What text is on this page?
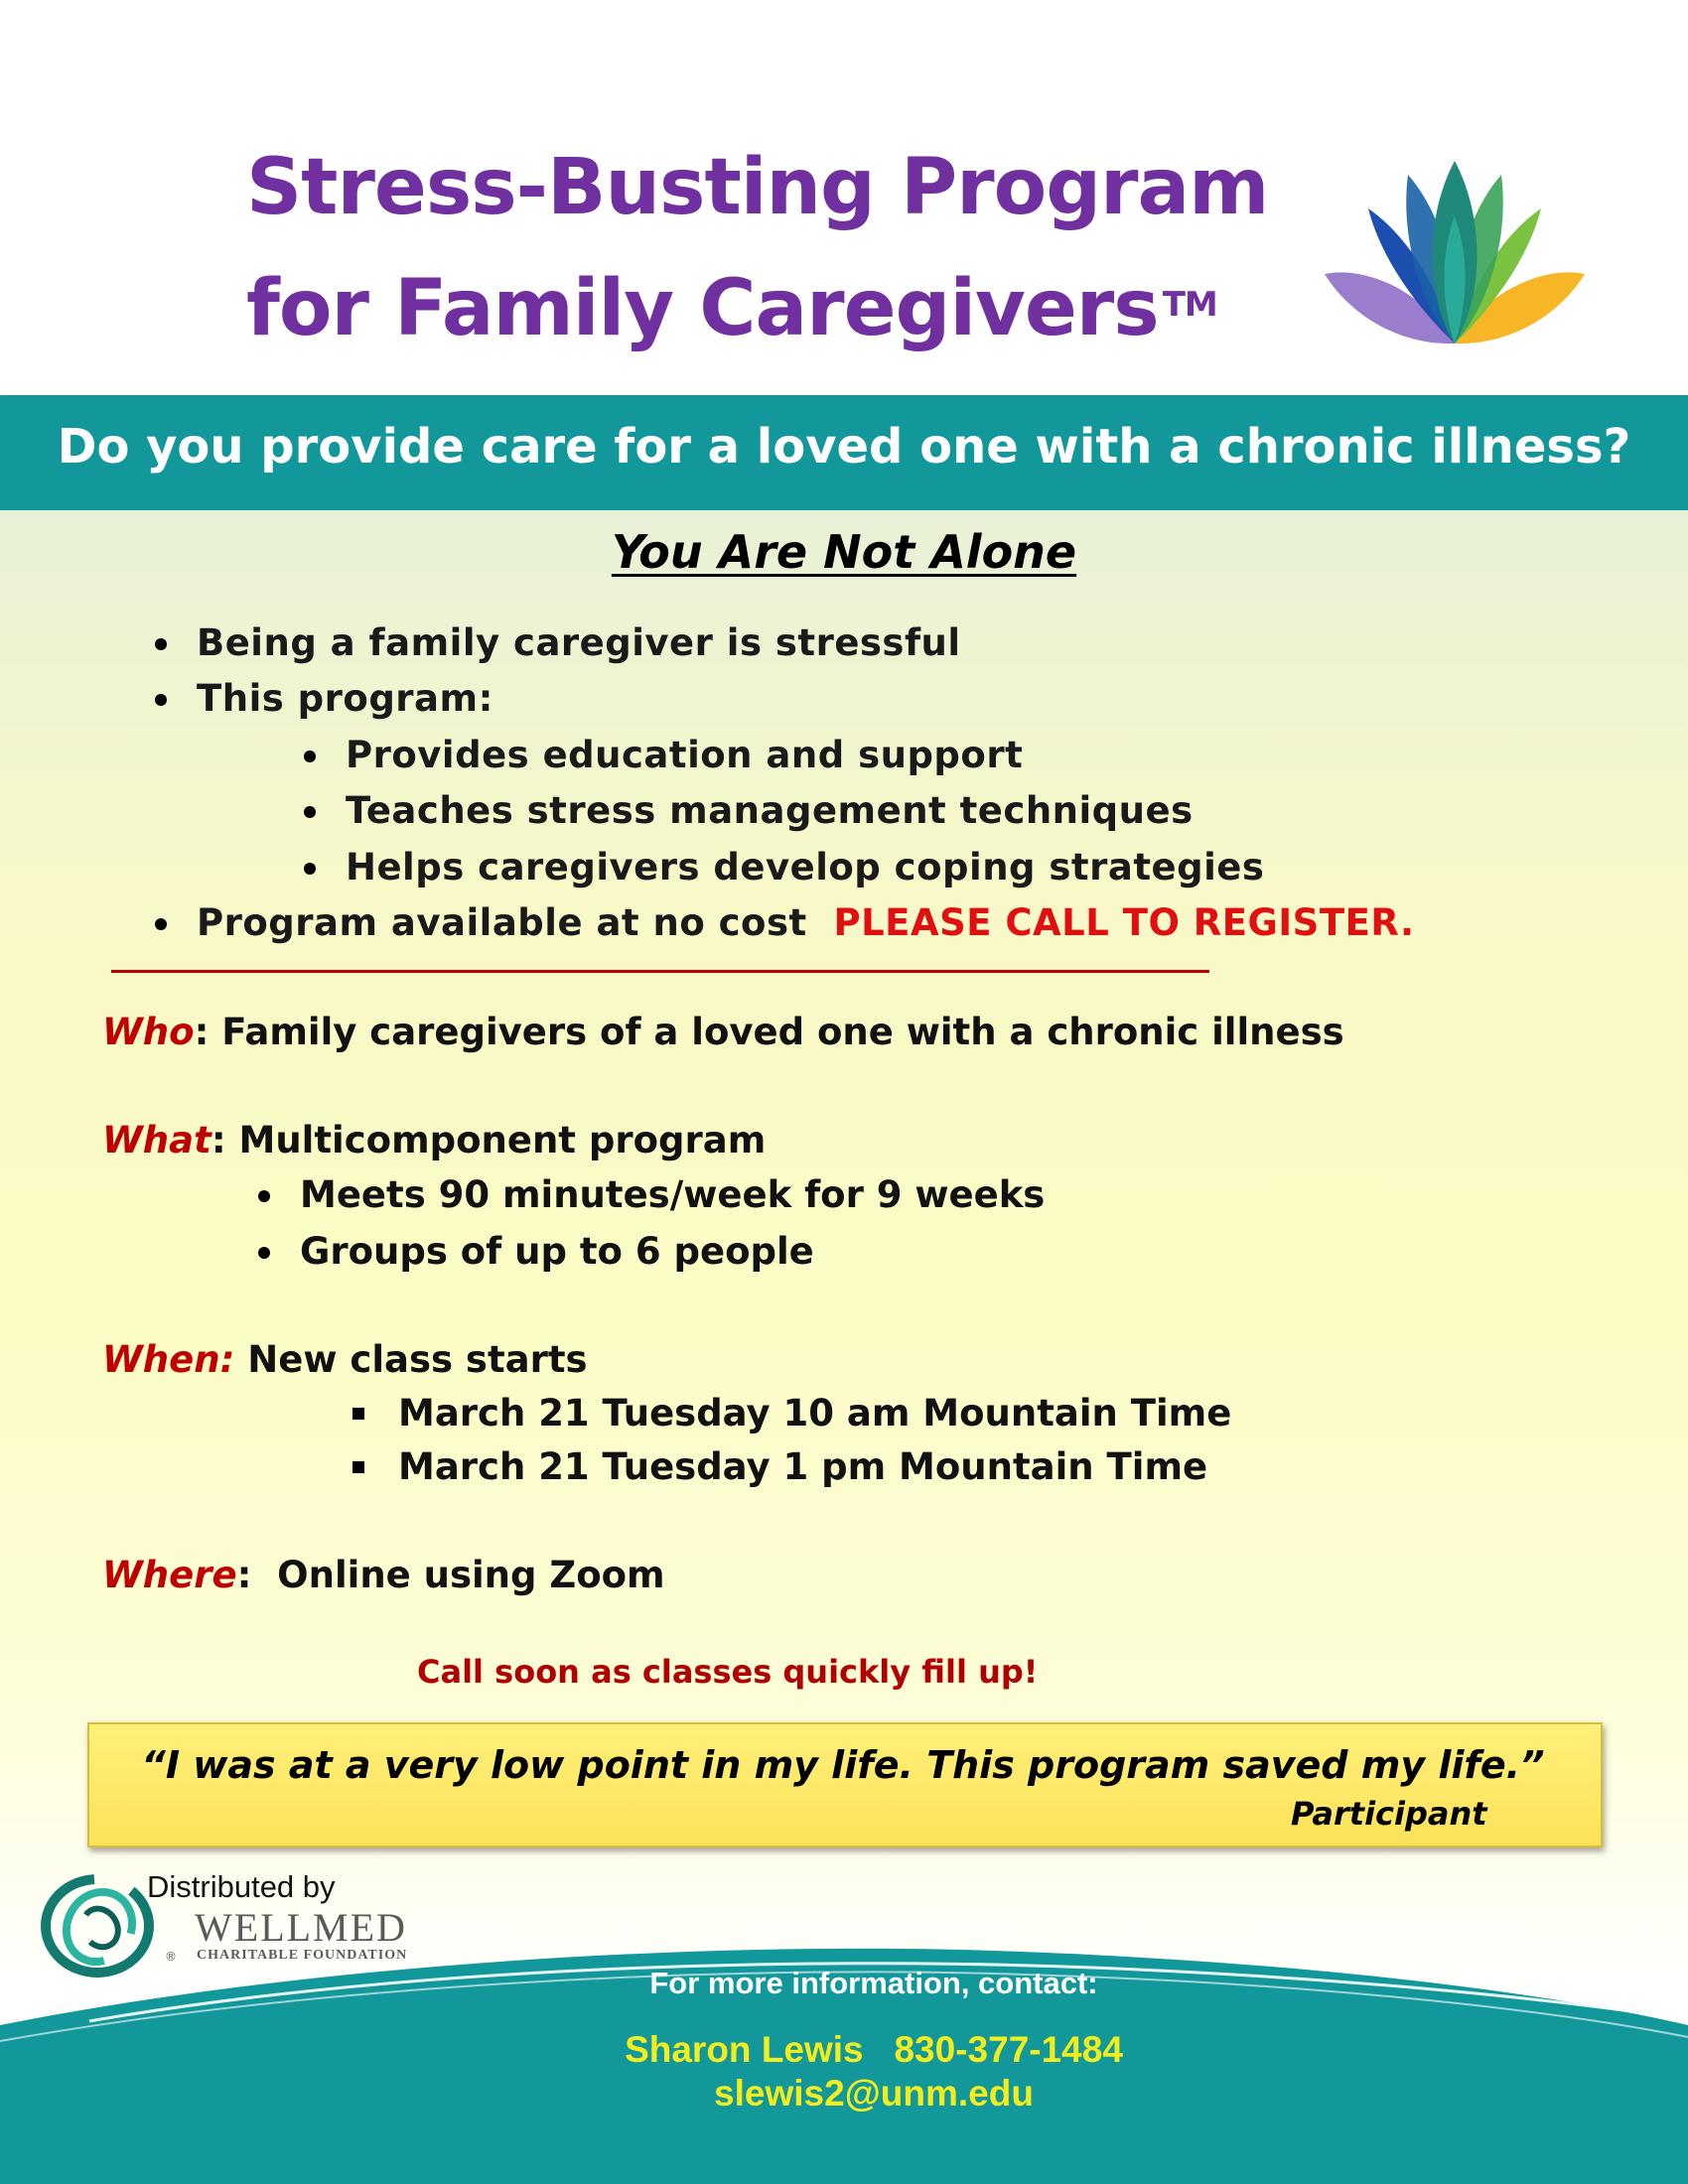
Stress-Busting Program
for Family Caregivers ™
Do you provide care for a loved one with a chronic illness?
You Are Not Alone
Being a family caregiver is stressful
This program:
Provides education and support
Teaches stress management techniques
Helps caregivers develop coping strategies
Program available at no cost PLEASE CALL TO REGISTER.
Who: Family caregivers of a loved one with a chronic illness
What: Multicomponent program
Meets 90 minutes/week for 9 weeks
Groups of up to 6 people
When: New class starts
March 21 Tuesday 10 am Mountain Time
March 21 Tuesday 1 pm Mountain Time
Where:  Online using Zoom
Call soon as classes quickly fill up!
“I was at a very low point in my life. This program saved my life.”
Participant
Distributed by
WELLMED
CHARITABLE FOUNDATION
®
For more information, contact:
Sharon Lewis 830-377-1484
slewis2@unm.edu
